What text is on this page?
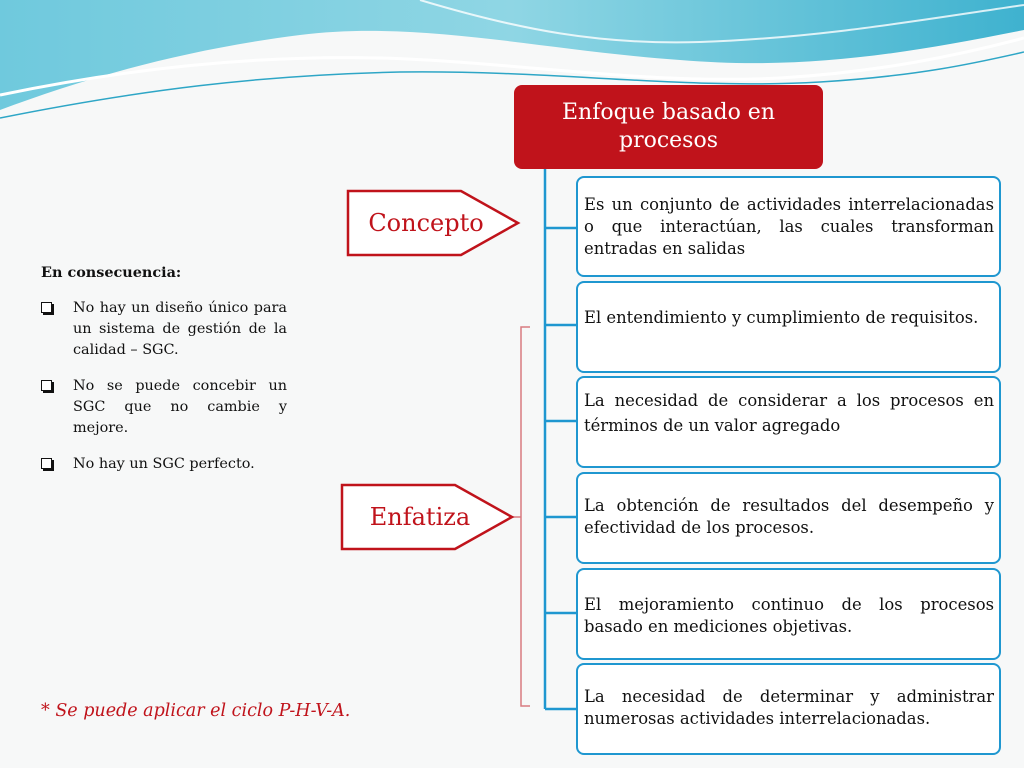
Enfoque basado en procesos
Concepto
Enfatiza
Es un conjunto de actividades interrelacionadas o que interactúan, las cuales transforman entradas en salidas
El entendimiento y cumplimiento de requisitos.
La necesidad de considerar a los procesos en términos de un valor agregado
La obtención de resultados del desempeño y efectividad de los procesos.
El mejoramiento continuo de los procesos basado en mediciones objetivas.
La necesidad de determinar y administrar numerosas actividades interrelacionadas.
En consecuencia:
No hay un diseño único para un sistema de gestión de la calidad – SGC.
No se puede concebir un SGC que no cambie y mejore.
No hay un SGC perfecto.
* Se puede aplicar el ciclo P-H-V-A.
